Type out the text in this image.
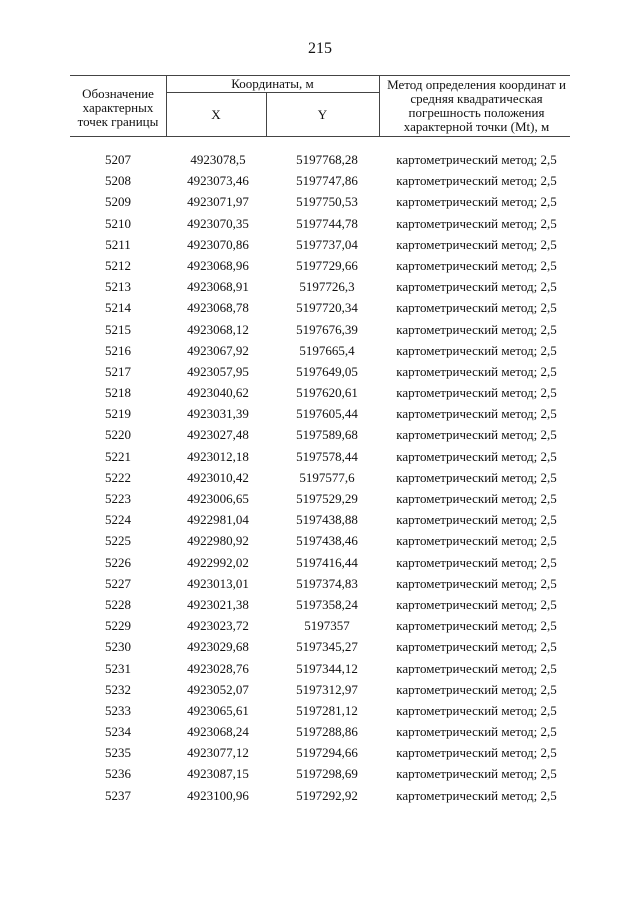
215
Обозначение характерных точек границы
Координаты, м
X	Y
Метод определения координат и средняя квадратическая погрешность положения характерной точки (Mt), м
5207	4923078,5	5197768,28	картометрический метод; 2,5
5208	4923073,46	5197747,86	картометрический метод; 2,5
5209	4923071,97	5197750,53	картометрический метод; 2,5
5210	4923070,35	5197744,78	картометрический метод; 2,5
5211	4923070,86	5197737,04	картометрический метод; 2,5
5212	4923068,96	5197729,66	картометрический метод; 2,5
5213	4923068,91	5197726,3	картометрический метод; 2,5
5214	4923068,78	5197720,34	картометрический метод; 2,5
5215	4923068,12	5197676,39	картометрический метод; 2,5
5216	4923067,92	5197665,4	картометрический метод; 2,5
5217	4923057,95	5197649,05	картометрический метод; 2,5
5218	4923040,62	5197620,61	картометрический метод; 2,5
5219	4923031,39	5197605,44	картометрический метод; 2,5
5220	4923027,48	5197589,68	картометрический метод; 2,5
5221	4923012,18	5197578,44	картометрический метод; 2,5
5222	4923010,42	5197577,6	картометрический метод; 2,5
5223	4923006,65	5197529,29	картометрический метод; 2,5
5224	4922981,04	5197438,88	картометрический метод; 2,5
5225	4922980,92	5197438,46	картометрический метод; 2,5
5226	4922992,02	5197416,44	картометрический метод; 2,5
5227	4923013,01	5197374,83	картометрический метод; 2,5
5228	4923021,38	5197358,24	картометрический метод; 2,5
5229	4923023,72	5197357	картометрический метод; 2,5
5230	4923029,68	5197345,27	картометрический метод; 2,5
5231	4923028,76	5197344,12	картометрический метод; 2,5
5232	4923052,07	5197312,97	картометрический метод; 2,5
5233	4923065,61	5197281,12	картометрический метод; 2,5
5234	4923068,24	5197288,86	картометрический метод; 2,5
5235	4923077,12	5197294,66	картометрический метод; 2,5
5236	4923087,15	5197298,69	картометрический метод; 2,5
5237	4923100,96	5197292,92	картометрический метод; 2,5
